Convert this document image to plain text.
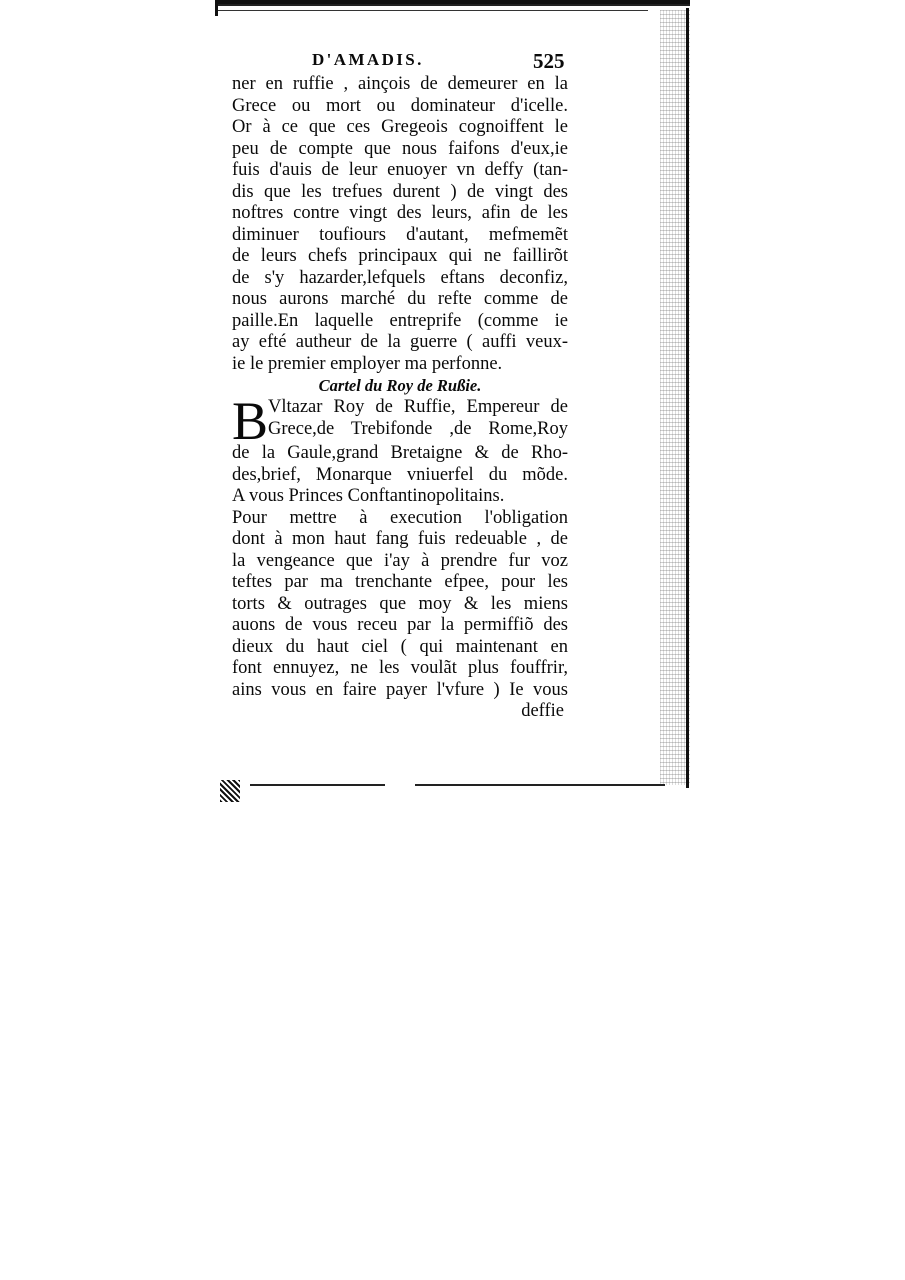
D'AMADIS.	525
ner en ruffie , ainçois de demeurer en la
Grece ou mort ou dominateur d'icelle.
Or à ce que ces Gregeois cognoiffent le
peu de compte que nous faifons d'eux,ie
fuis d'auis de leur enuoyer vn deffy (tan-
dis que les trefues durent ) de vingt des
noftres contre vingt des leurs, afin de les
diminuer toufiours d'autant, mefmemẽt
de leurs chefs principaux qui ne faillirõt
de s'y hazarder,lefquels eftans deconfiz,
nous aurons marché du refte comme de
paille.En laquelle entreprife (comme ie
ay efté autheur de la guerre ( auffi veux-
ie le premier employer ma perfonne.
Cartel du Roy de Rußie.
B Vltazar Roy de Ruffie, Empereur de
Grece,de Trebifonde ,de Rome,Roy
de la Gaule,grand Bretaigne & de Rho-
des,brief, Monarque vniuerfel du mõde.
A vous Princes Conftantinopolitains.
Pour mettre à execution l'obligation
dont à mon haut fang fuis redeuable , de
la vengeance que i'ay à prendre fur voz
teftes par ma trenchante efpee, pour les
torts & outrages que moy & les miens
auons de vous receu par la permiffiõ des
dieux du haut ciel ( qui maintenant en
font ennuyez, ne les voulãt plus fouffrir,
ains vous en faire payer l'vfure ) Ie vous
deffie
